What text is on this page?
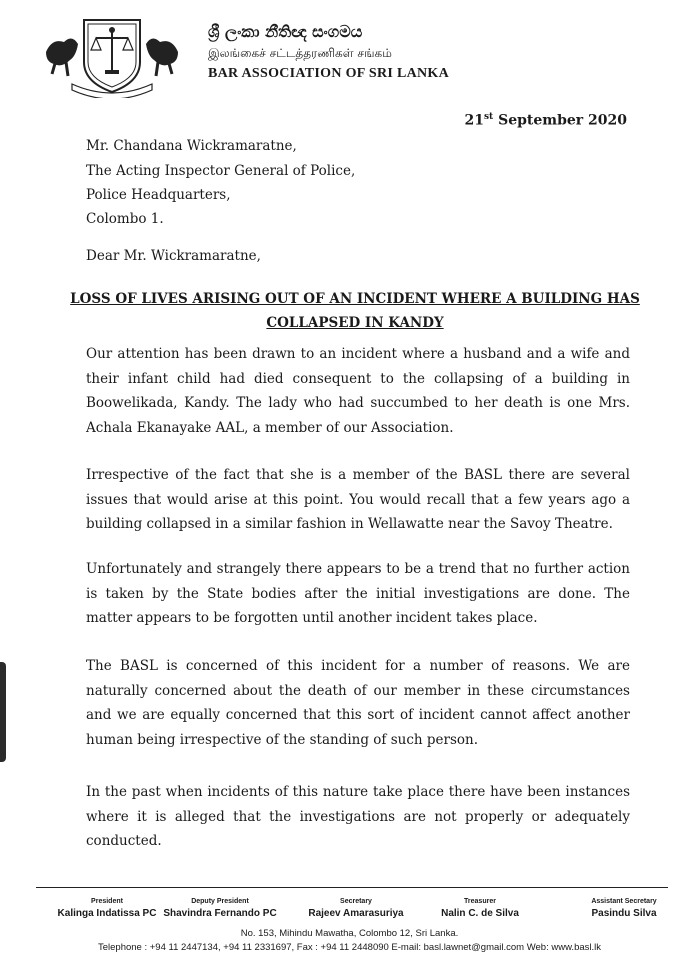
ශ්‍රී ලංකා නීතිඥ සංගමය
இலங்கைச் சட்டத்தரணிகள் சங்கம்
BAR ASSOCIATION OF SRI LANKA
21st September 2020
Mr. Chandana Wickramaratne,
The Acting Inspector General of Police,
Police Headquarters,
Colombo 1.
Dear Mr. Wickramaratne,
LOSS OF LIVES ARISING OUT OF AN INCIDENT WHERE A BUILDING HAS
COLLAPSED IN KANDY
Our attention has been drawn to an incident where a husband and a wife and their infant child had died consequent to the collapsing of a building in Boowelikada, Kandy. The lady who had succumbed to her death is one Mrs. Achala Ekanayake AAL, a member of our Association.
Irrespective of the fact that she is a member of the BASL there are several issues that would arise at this point. You would recall that a few years ago a building collapsed in a similar fashion in Wellawatte near the Savoy Theatre.
Unfortunately and strangely there appears to be a trend that no further action is taken by the State bodies after the initial investigations are done. The matter appears to be forgotten until another incident takes place.
The BASL is concerned of this incident for a number of reasons. We are naturally concerned about the death of our member in these circumstances and we are equally concerned that this sort of incident cannot affect another human being irrespective of the standing of such person.
In the past when incidents of this nature take place there have been instances where it is alleged that the investigations are not properly or adequately conducted.
President
Kalinga Indatissa PC
Deputy President
Shavindra Fernando PC
Secretary
Rajeev Amarasuriya
Treasurer
Nalin C. de Silva
Assistant Secretary
Pasindu Silva
No. 153, Mihindu Mawatha, Colombo 12, Sri Lanka.
Telephone : +94 11 2447134, +94 11 2331697, Fax : +94 11 2448090 E-mail: basl.lawnet@gmail.com Web: www.basl.lk
